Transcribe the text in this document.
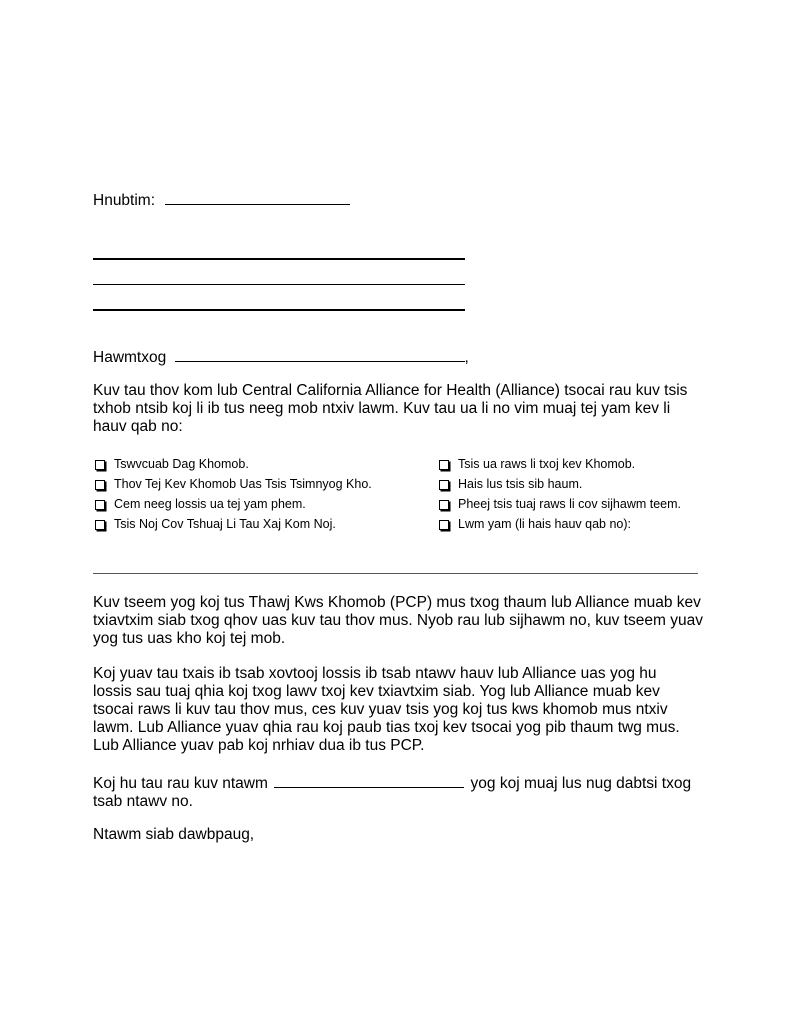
Hnubtim:
Hawmtxog	,
Kuv tau thov kom lub Central California Alliance for Health (Alliance) tsocai rau kuv tsis txhob ntsib koj li ib tus neeg mob ntxiv lawm. Kuv tau ua li no vim muaj tej yam kev li hauv qab no:
Tswvcuab Dag Khomob.
Thov Tej Kev Khomob Uas Tsis Tsimnyog Kho.
Cem neeg lossis ua tej yam phem.
Tsis Noj Cov Tshuaj Li Tau Xaj Kom Noj.
Tsis ua raws li txoj kev Khomob.
Hais lus tsis sib haum.
Pheej tsis tuaj raws li cov sijhawm teem.
Lwm yam (li hais hauv qab no):
Kuv tseem yog koj tus Thawj Kws Khomob (PCP) mus txog thaum lub Alliance muab kev txiavtxim siab txog qhov uas kuv tau thov mus. Nyob rau lub sijhawm no, kuv tseem yuav yog tus uas kho koj tej mob.
Koj yuav tau txais ib tsab xovtooj lossis ib tsab ntawv hauv lub Alliance uas yog hu lossis sau tuaj qhia koj txog lawv txoj kev txiavtxim siab. Yog lub Alliance muab kev tsocai raws li kuv tau thov mus, ces kuv yuav tsis yog koj tus kws khomob mus ntxiv lawm. Lub Alliance yuav qhia rau koj paub tias txoj kev tsocai yog pib thaum twg mus. Lub Alliance yuav pab koj nrhiav dua ib tus PCP.
Koj hu tau rau kuv ntawm	yog koj muaj lus nug dabtsi txog
tsab ntawv no.
Ntawm siab dawbpaug,
